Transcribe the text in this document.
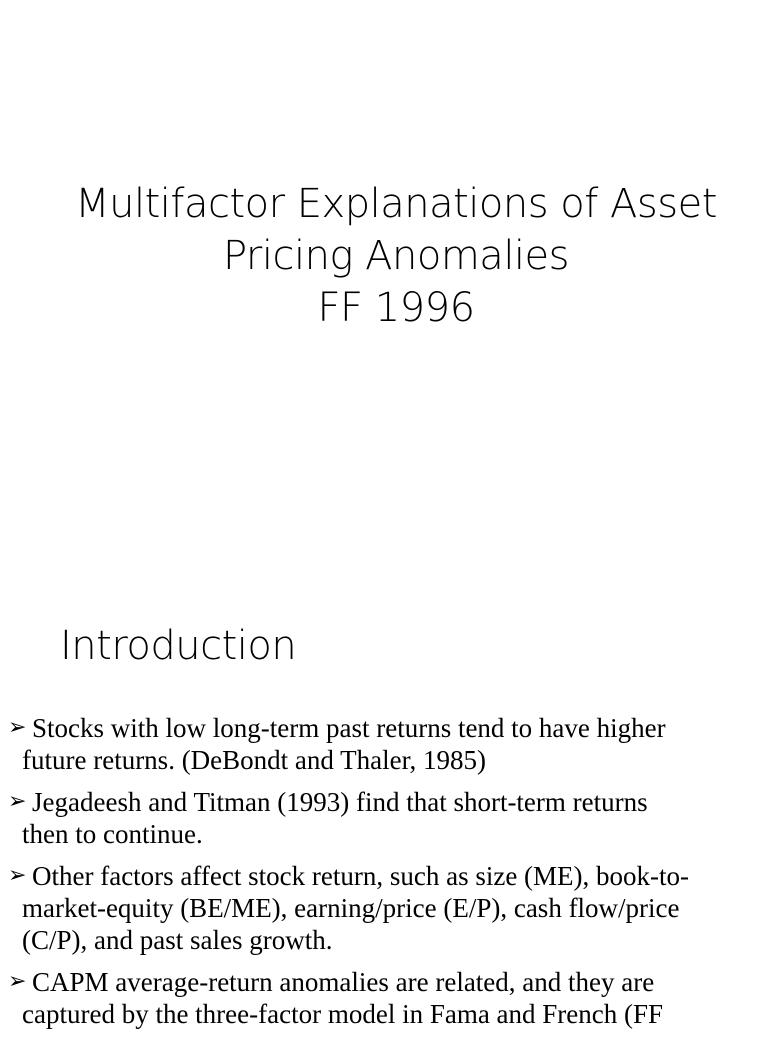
Multifactor Explanations of Asset
Pricing Anomalies
FF 1996
Introduction
➢ Stocks with low long-term past returns tend to have higher
future returns. (DeBondt and Thaler, 1985)
➢ Jegadeesh and Titman (1993) find that short-term returns
then to continue.
➢ Other factors affect stock return, such as size (ME), book-to-
market-equity (BE/ME), earning/price (E/P), cash flow/price
(C/P), and past sales growth.
➢ CAPM average-return anomalies are related, and they are
captured by the three-factor model in Fama and French (FF
